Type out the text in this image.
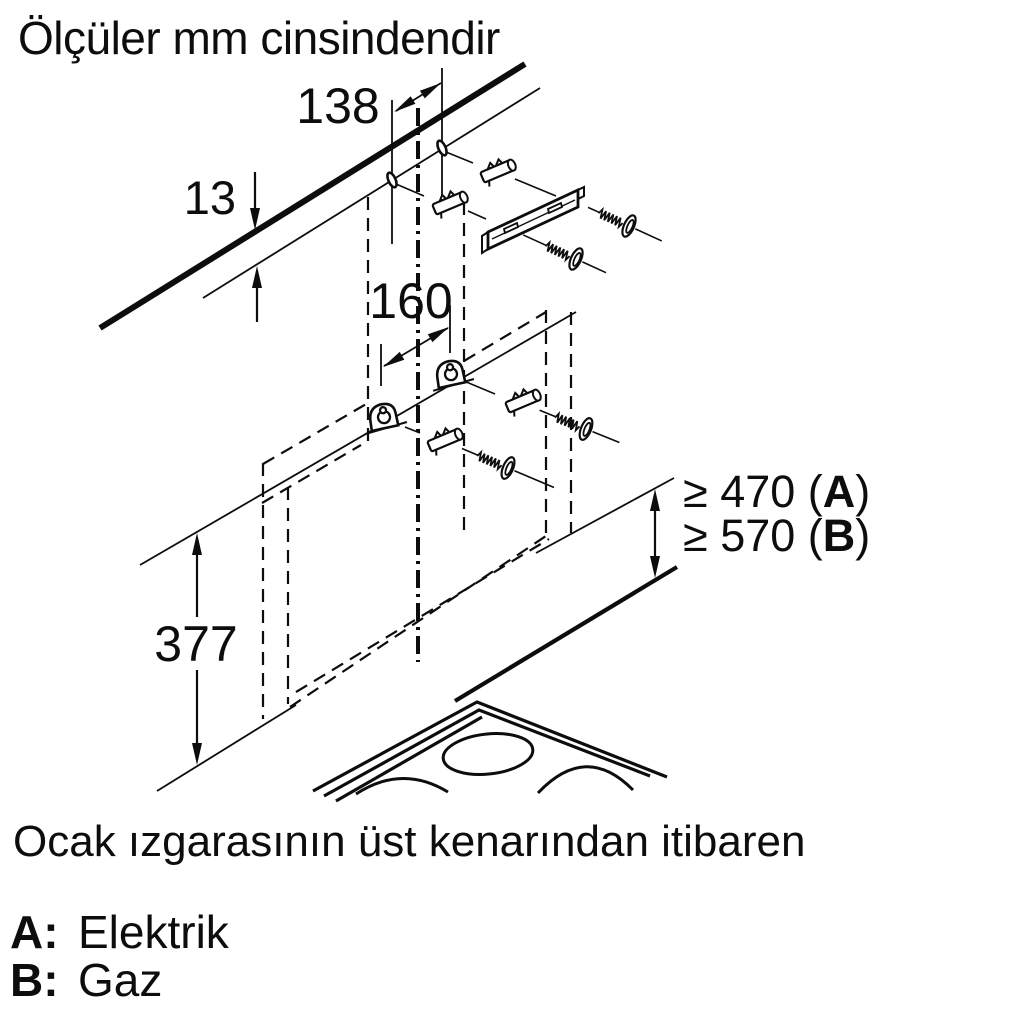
Ölçüler mm cinsindendir
138
13
160
377
≥ 470 (A)
≥ 570 (B)
Ocak ızgarasının üst kenarından itibaren
A: Elektrik
B: Gaz
